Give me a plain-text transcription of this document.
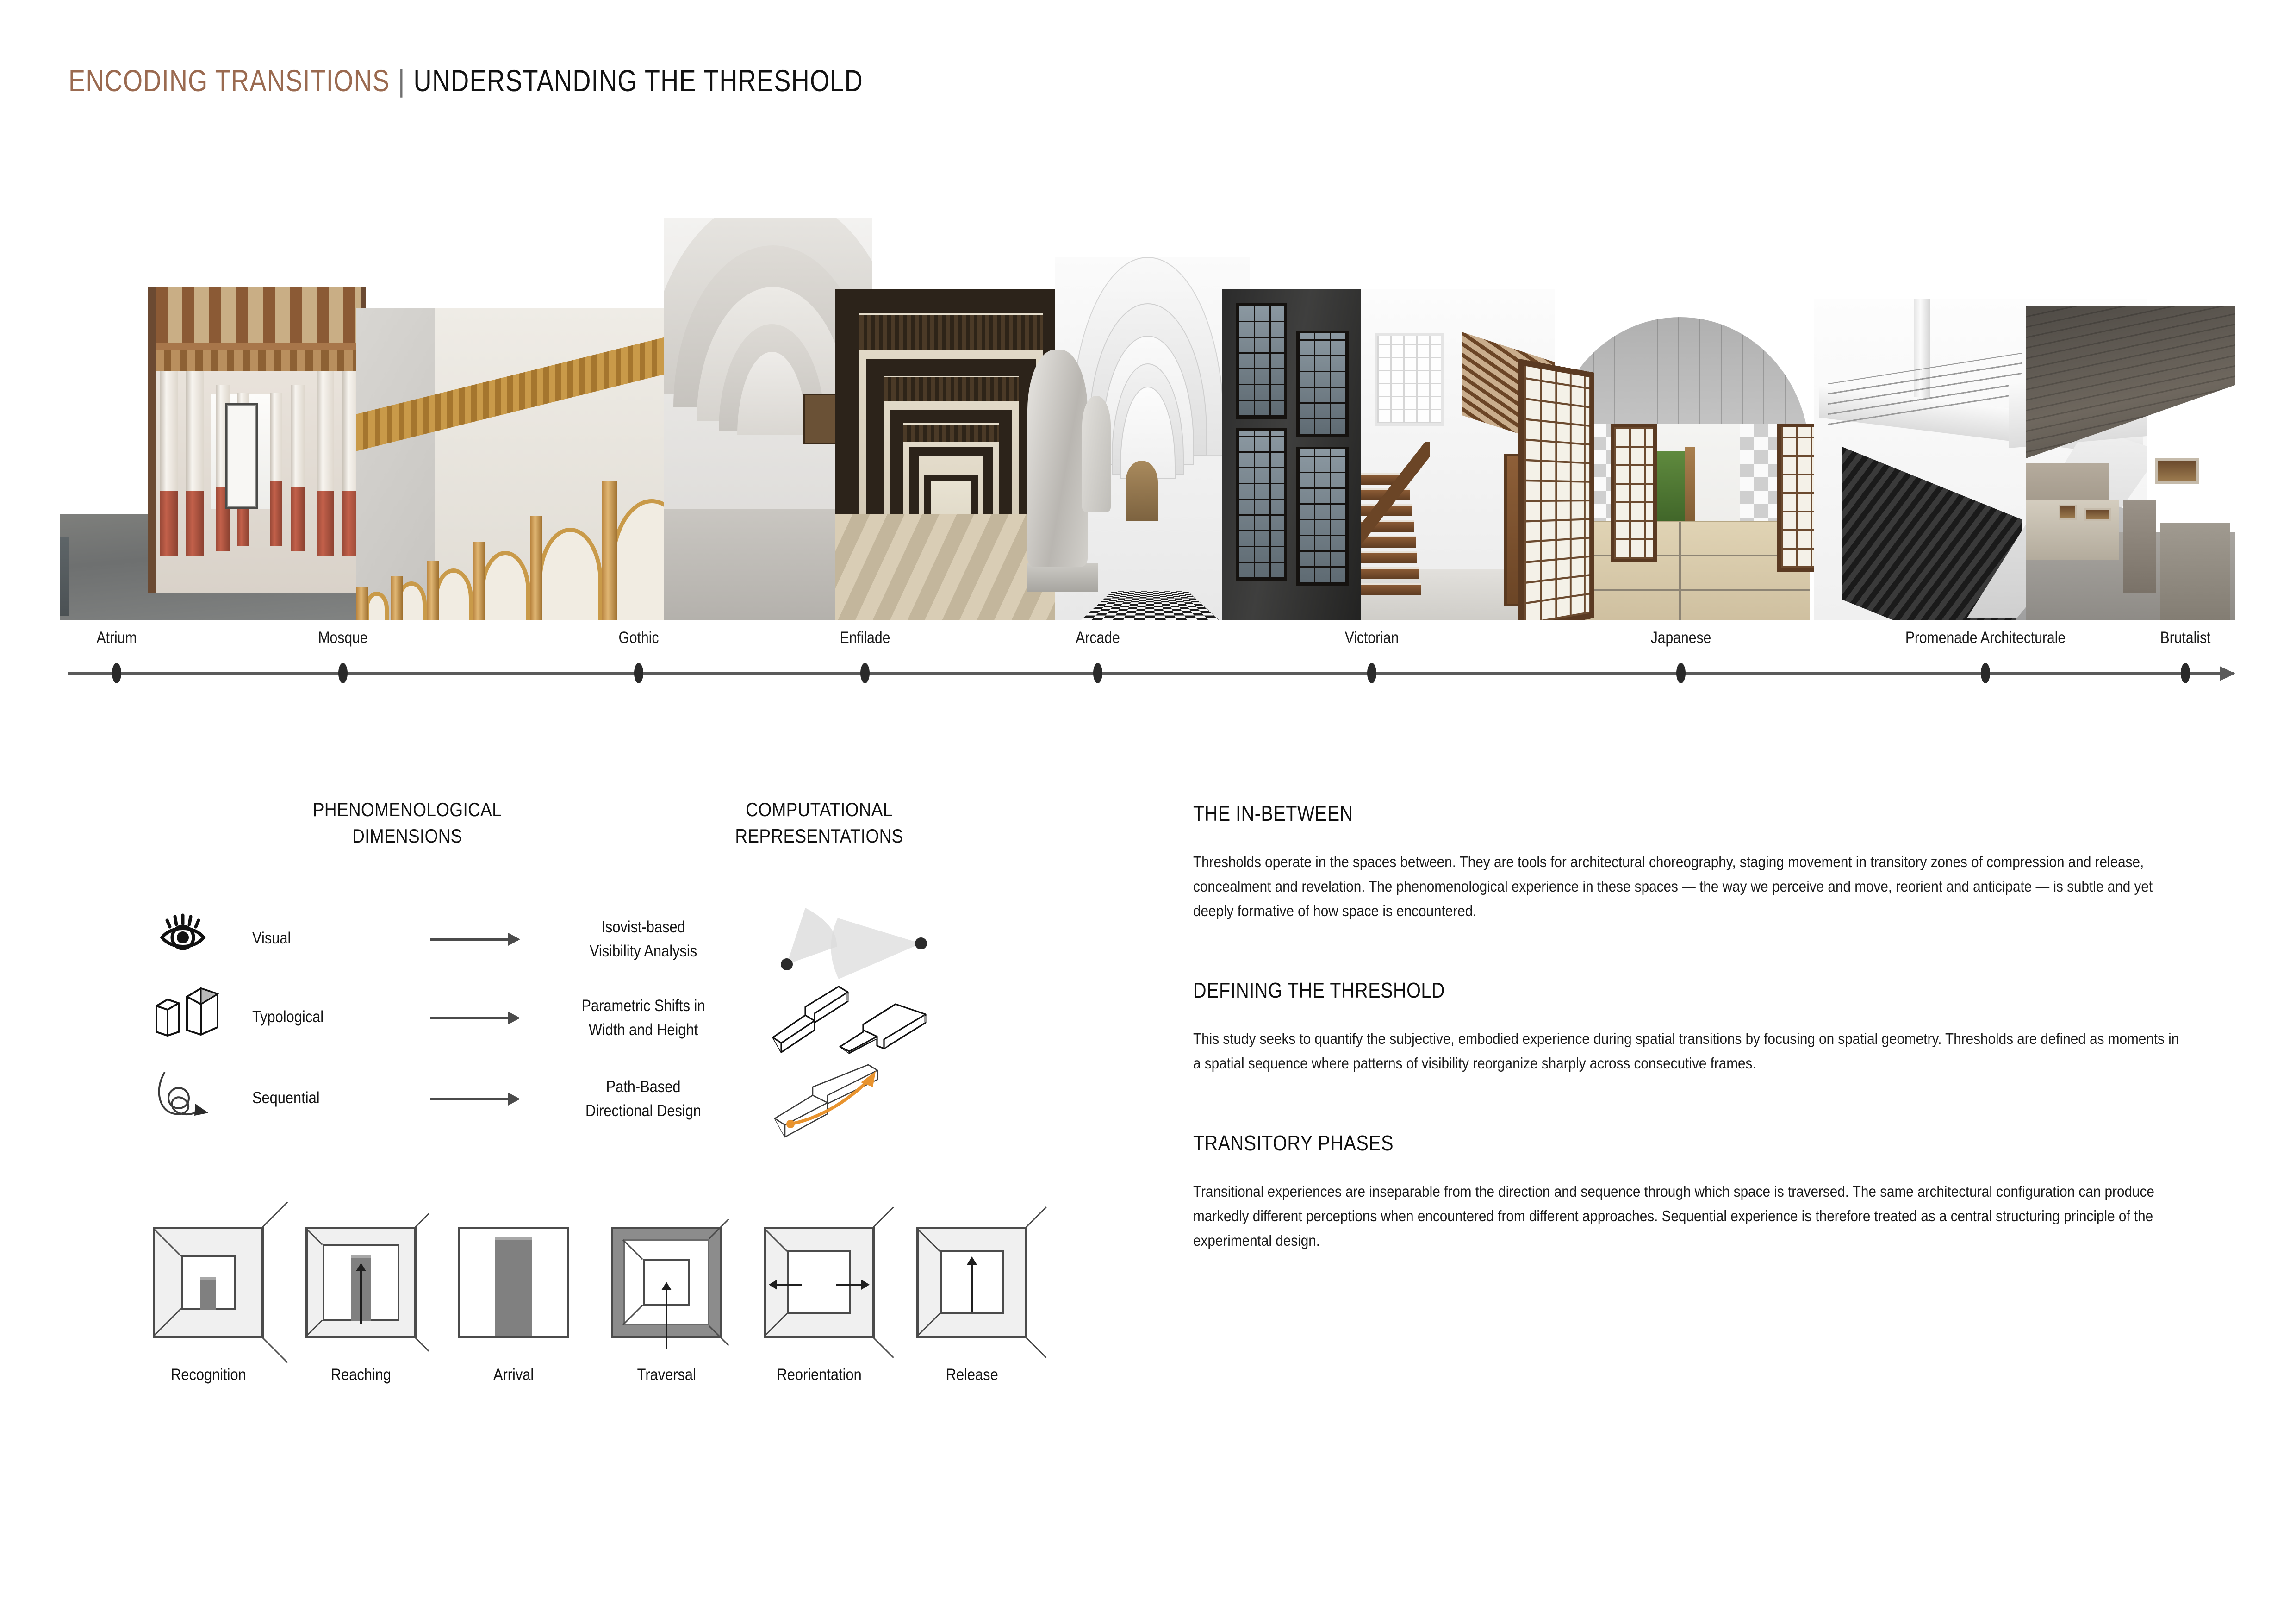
ENCODING TRANSITIONS | UNDERSTANDING THE THRESHOLD
Atrium	Mosque	Gothic	Enfilade	Arcade	Victorian	Japanese	Promenade Architecturale	Brutalist
PHENOMENOLOGICAL
DIMENSIONS
COMPUTATIONAL
REPRESENTATIONS
Visual
Isovist-based
Visibility Analysis
Typological
Parametric Shifts in
Width and Height
Sequential
Path-Based
Directional Design
Recognition	Reaching	Arrival	Traversal	Reorientation	Release
THE IN-BETWEEN
Thresholds operate in the spaces between. They are tools for architectural choreography, staging movement in transitory zones of compression and release, concealment and revelation. The phenomenological experience in these spaces — the way we perceive and move, reorient and anticipate — is subtle and yet deeply formative of how space is encountered.
DEFINING THE THRESHOLD
This study seeks to quantify the subjective, embodied experience during spatial transitions by focusing on spatial geometry. Thresholds are defined as moments in a spatial sequence where patterns of visibility reorganize sharply across consecutive frames.
TRANSITORY PHASES
Transitional experiences are inseparable from the direction and sequence through which space is traversed. The same architectural configuration can produce markedly different perceptions when encountered from different approaches. Sequential experience is therefore treated as a central structuring principle of the experimental design.
